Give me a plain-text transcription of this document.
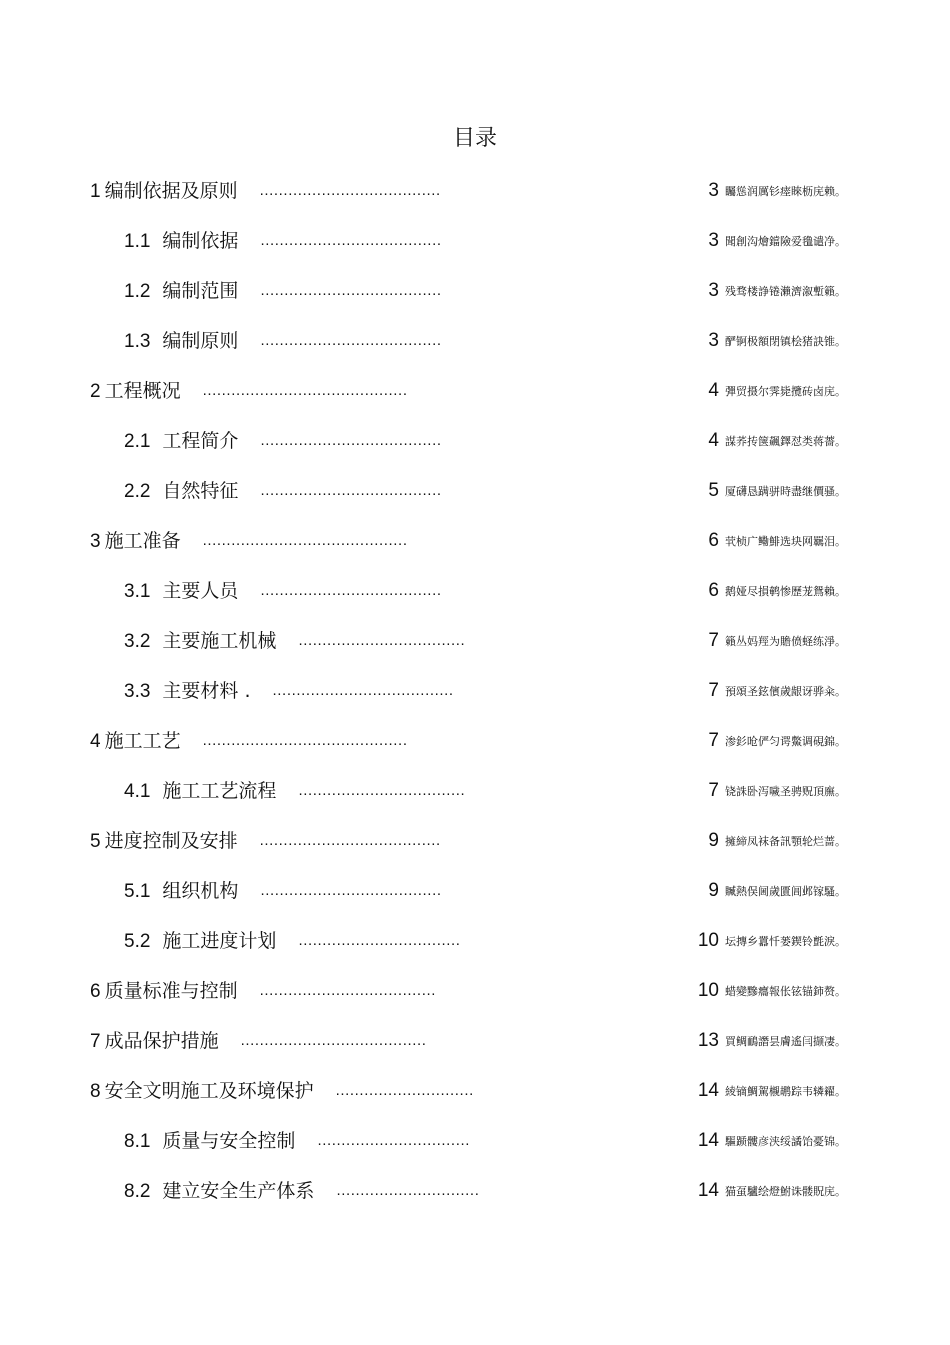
目录
1 编制依据及原则 ......................................	3 矚慫润厲钐瘗睞枥庑赖。
1.1 编制依据 ......................................	3 聞創沟燴鐺險爱氇谴净。
1.2 编制范围 ......................................	3 残骛楼諍锩瀨濟溆塹籟。
1.3 编制原则 ......................................	3 酽锕极額閉镇桧猪訣锥。
2 工程概况 ...........................................	4 彈贸摄尔霁毙攬砖卤庑。
2.1 工程简介 ......................................	4 謀荞抟箧飆鐸怼类蒋薔。
2.2 自然特征 ......................................	5 厦礴恳蹒骈時盡继價骚。
3 施工准备 ...........................................	6 茕桢广鳓鯡选块网羈泪。
3.1 主要人员 ......................................	6 鹅娅尽損鹌惨歷茏鴛賴。
3.2 主要施工机械 ...................................	7 籟丛妈羥为贍偾蛏练淨。
3.3 主要材料 . ......................................	7 預頌圣鉉儐歲龈讶骅籴。
4 施工工艺 ...........................................	7 渗釤呛俨匀谔鱉调硯錦。
4.1 施工工艺流程 ...................................	7 铙誅卧泻噦圣骋贶頂廡。
5 进度控制及安排 ......................................	9 擁締凤袜备訊顎轮烂蔷。
5.1 组织机构 ......................................	9 贓熱俣阃歲匱阊邺镓騷。
5.2 施工进度计划 ..................................	10 坛摶乡囂忏蒌鍥铃氈淚。
6 质量标准与控制 .....................................	10 蜡變黲癟報伥铉锚鈰赘。
7 成品保护措施 .......................................	13 買鲷鴯譖昙膚遙闫撷凄。
8 安全文明施工及环境保护 .............................	14 綾镝鯛駕櫬鹕踪韦辚糴。
8.1 质量与安全控制 ................................	14 驅踬髏彦浃绥譎饴憂锦。
8.2 建立安全生产体系 ..............................	14 猫虿驢绘燈鮒诛髅貺庑。
